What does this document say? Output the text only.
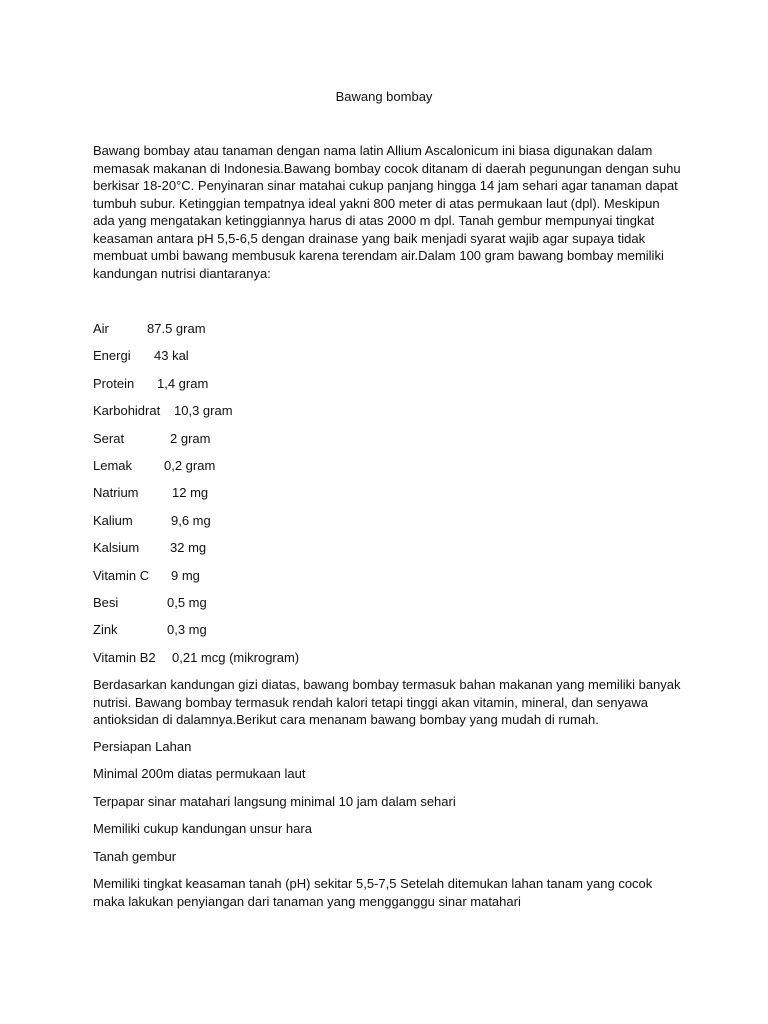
Bawang bombay

Bawang bombay atau tanaman dengan nama latin Allium Ascalonicum ini biasa digunakan dalam

memasak makanan di Indonesia.Bawang bombay cocok ditanam di daerah pegunungan dengan suhu

berkisar 18-20°C. Penyinaran sinar matahai cukup panjang hingga 14 jam sehari agar tanaman dapat

tumbuh subur. Ketinggian tempatnya ideal yakni 800 meter di atas permukaan laut (dpl). Meskipun

ada yang mengatakan ketinggiannya harus di atas 2000 m dpl. Tanah gembur mempunyai tingkat

keasaman antara pH 5,5-6,5 dengan drainase yang baik menjadi syarat wajib agar supaya tidak

membuat umbi bawang membusuk karena terendam air.Dalam 100 gram bawang bombay memiliki

kandungan nutrisi diantaranya:

Air	87.5 gram
Energi 43 kal
Protein 1,4 gram
Karbohidrat 10,3 gram
Serat	2 gram
Lemak 0,2 gram
Natrium	12 mg
Kalium	9,6 mg
Kalsium 32 mg
Vitamin C 9 mg
Besi	0,5 mg
Zink	0,3 mg
Vitamin B2 0,21 mcg (mikrogram)
Berdasarkan kandungan gizi diatas, bawang bombay termasuk bahan makanan yang memiliki banyak
nutrisi. Bawang bombay termasuk rendah kalori tetapi tinggi akan vitamin, mineral, dan senyawa
antioksidan di dalamnya.Berikut cara menanam bawang bombay yang mudah di rumah.
Persiapan Lahan
Minimal 200m diatas permukaan laut
Terpapar sinar matahari langsung minimal 10 jam dalam sehari
Memiliki cukup kandungan unsur hara
Tanah gembur

Memiliki tingkat keasaman tanah (pH) sekitar 5,5-7,5 Setelah ditemukan lahan tanam yang cocok

maka lakukan penyiangan dari tanaman yang mengganggu sinar matahari
